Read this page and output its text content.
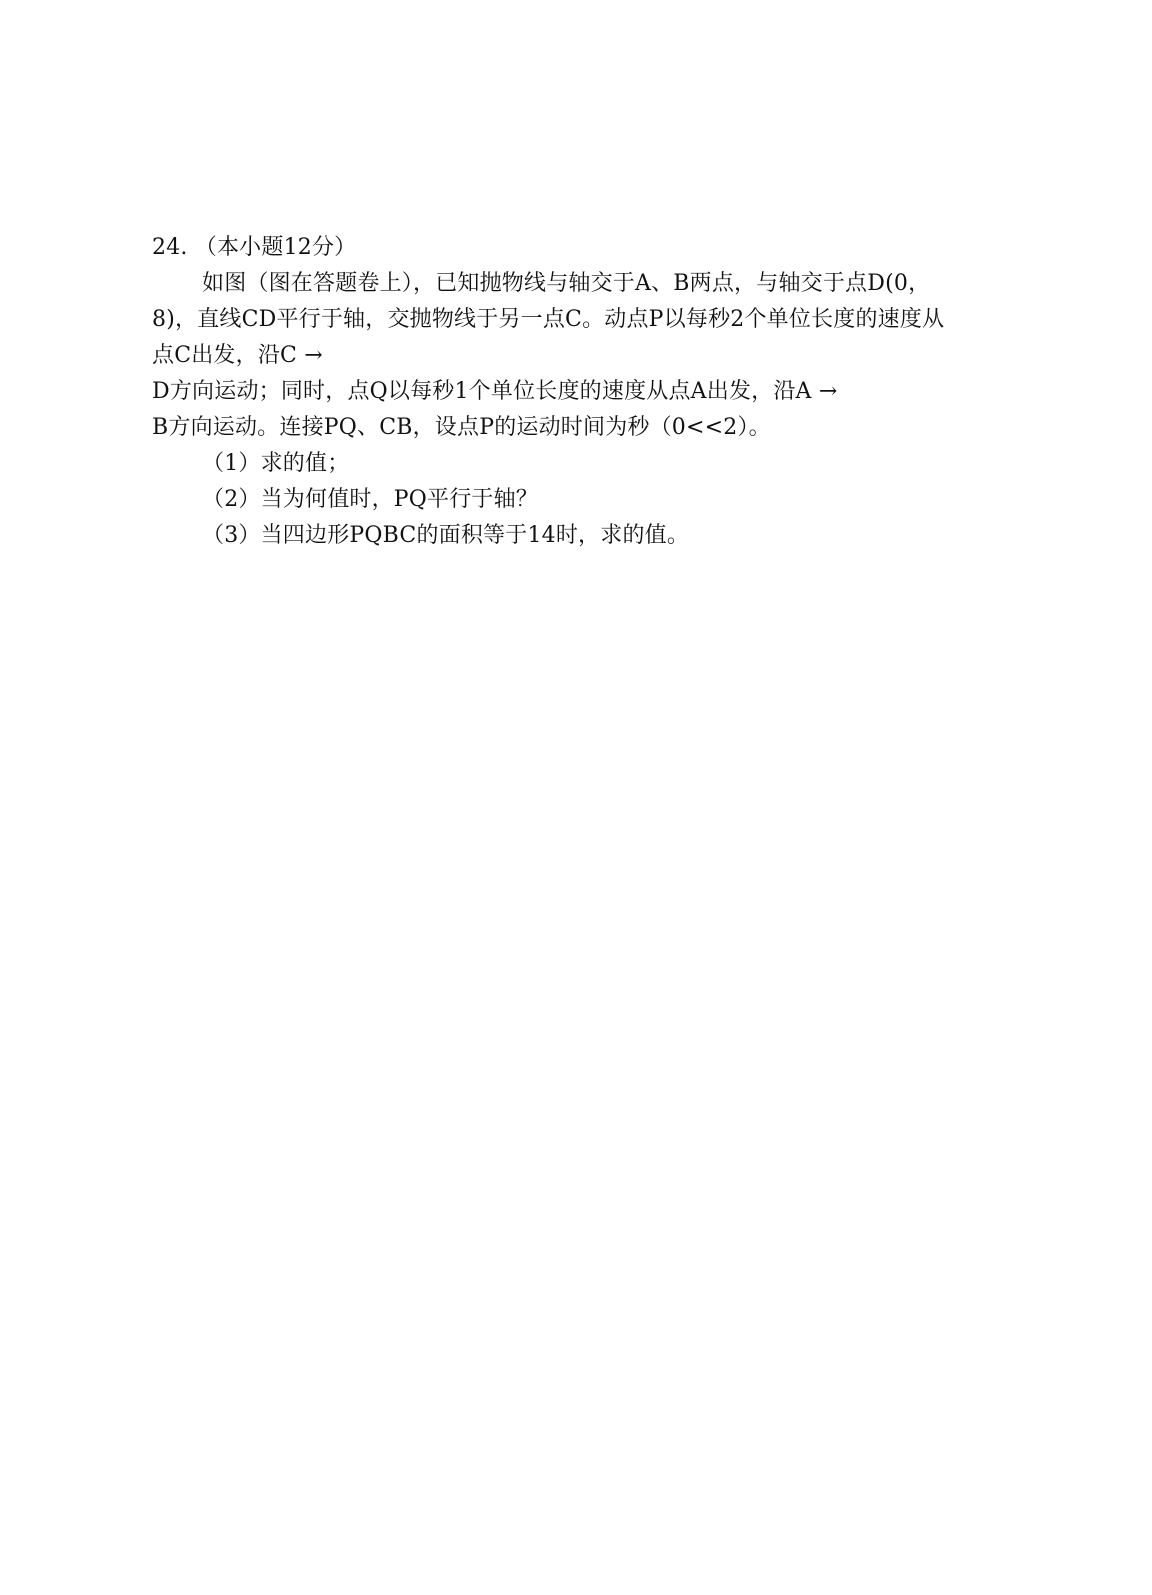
24. （本小题12分）
如图（图在答题卷上），已知抛物线与轴交于A、B两点，与轴交于点D(0，
8)，直线CD平行于轴，交抛物线于另一点C。动点P以每秒2个单位长度的速度从
点C出发，沿C →
D方向运动；同时，点Q以每秒1个单位长度的速度从点A出发，沿A →
B方向运动。连接PQ、CB，设点P的运动时间为秒（0<<2）。
（1）求的值；
（2）当为何值时，PQ平行于轴？
（3）当四边形PQBC的面积等于14时，求的值。
